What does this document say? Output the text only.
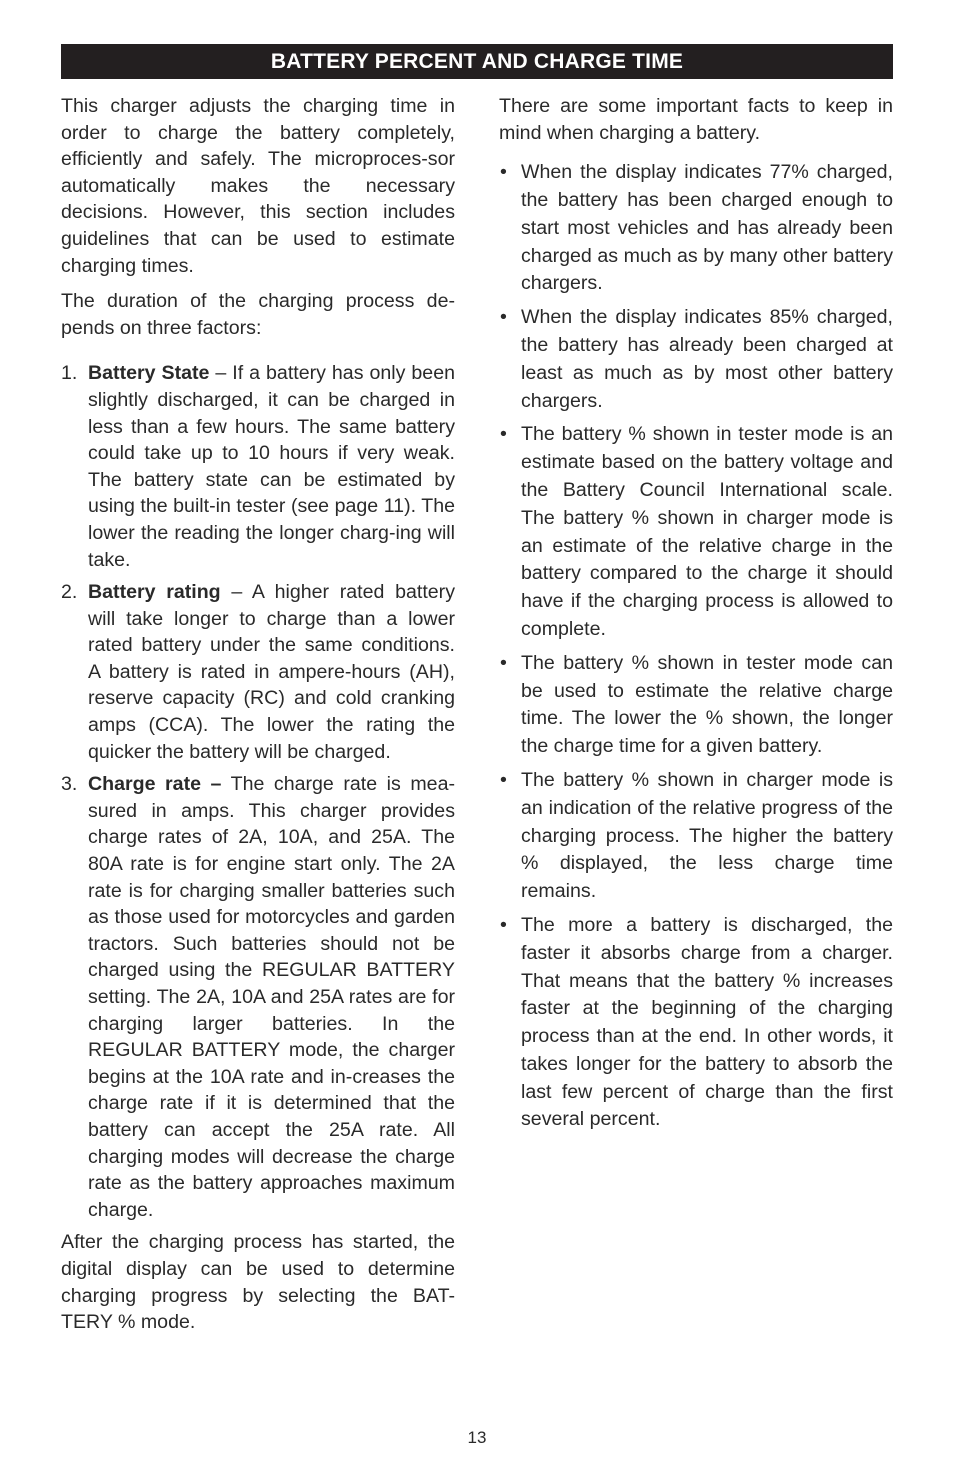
BATTERY PERCENT AND CHARGE TIME

This charger adjusts the charging time in order to charge the battery completely, efficiently and safely. The microproces-sor automatically makes the necessary decisions. However, this section includes guidelines that can be used to estimate charging times.

The duration of the charging process de-pends on three factors:

1. Battery State – If a battery has only been slightly discharged, it can be charged in less than a few hours. The same battery could take up to 10 hours if very weak. The battery state can be estimated by using the built-in tester (see page 11). The lower the reading the longer charg-ing will take.
2. Battery rating – A higher rated battery will take longer to charge than a lower rated battery under the same conditions. A battery is rated in ampere-hours (AH), reserve capacity (RC) and cold cranking amps (CCA). The lower the rating the quicker the battery will be charged.
3. Charge rate – The charge rate is mea-sured in amps. This charger provides charge rates of 2A, 10A, and 25A. The 80A rate is for engine start only. The 2A rate is for charging smaller batteries such as those used for motorcycles and garden tractors. Such batteries should not be charged using the REGULAR BATTERY setting. The 2A, 10A and 25A rates are for charging larger batteries. In the REGULAR BATTERY mode, the charger begins at the 10A rate and in-creases the charge rate if it is determined that the battery can accept the 25A rate. All charging modes will decrease the charge rate as the battery approaches maximum charge.

After the charging process has started, the digital display can be used to determine charging progress by selecting the BAT-TERY % mode.

There are some important facts to keep in mind when charging a battery.

• When the display indicates 77% charged, the battery has been charged enough to start most vehicles and has already been charged as much as by many other battery chargers.
• When the display indicates 85% charged, the battery has already been charged at least as much as by most other battery chargers.
• The battery % shown in tester mode is an estimate based on the battery voltage and the Battery Council International scale. The battery % shown in charger mode is an estimate of the relative charge in the battery compared to the charge it should have if the charging process is allowed to complete.
• The battery % shown in tester mode can be used to estimate the relative charge time. The lower the % shown, the longer the charge time for a given battery.
• The battery % shown in charger mode is an indication of the relative progress of the charging process. The higher the battery % displayed, the less charge time remains.
• The more a battery is discharged, the faster it absorbs charge from a charger. That means that the battery % increases faster at the beginning of the charging process than at the end. In other words, it takes longer for the battery to absorb the last few percent of charge than the first several percent.
13
